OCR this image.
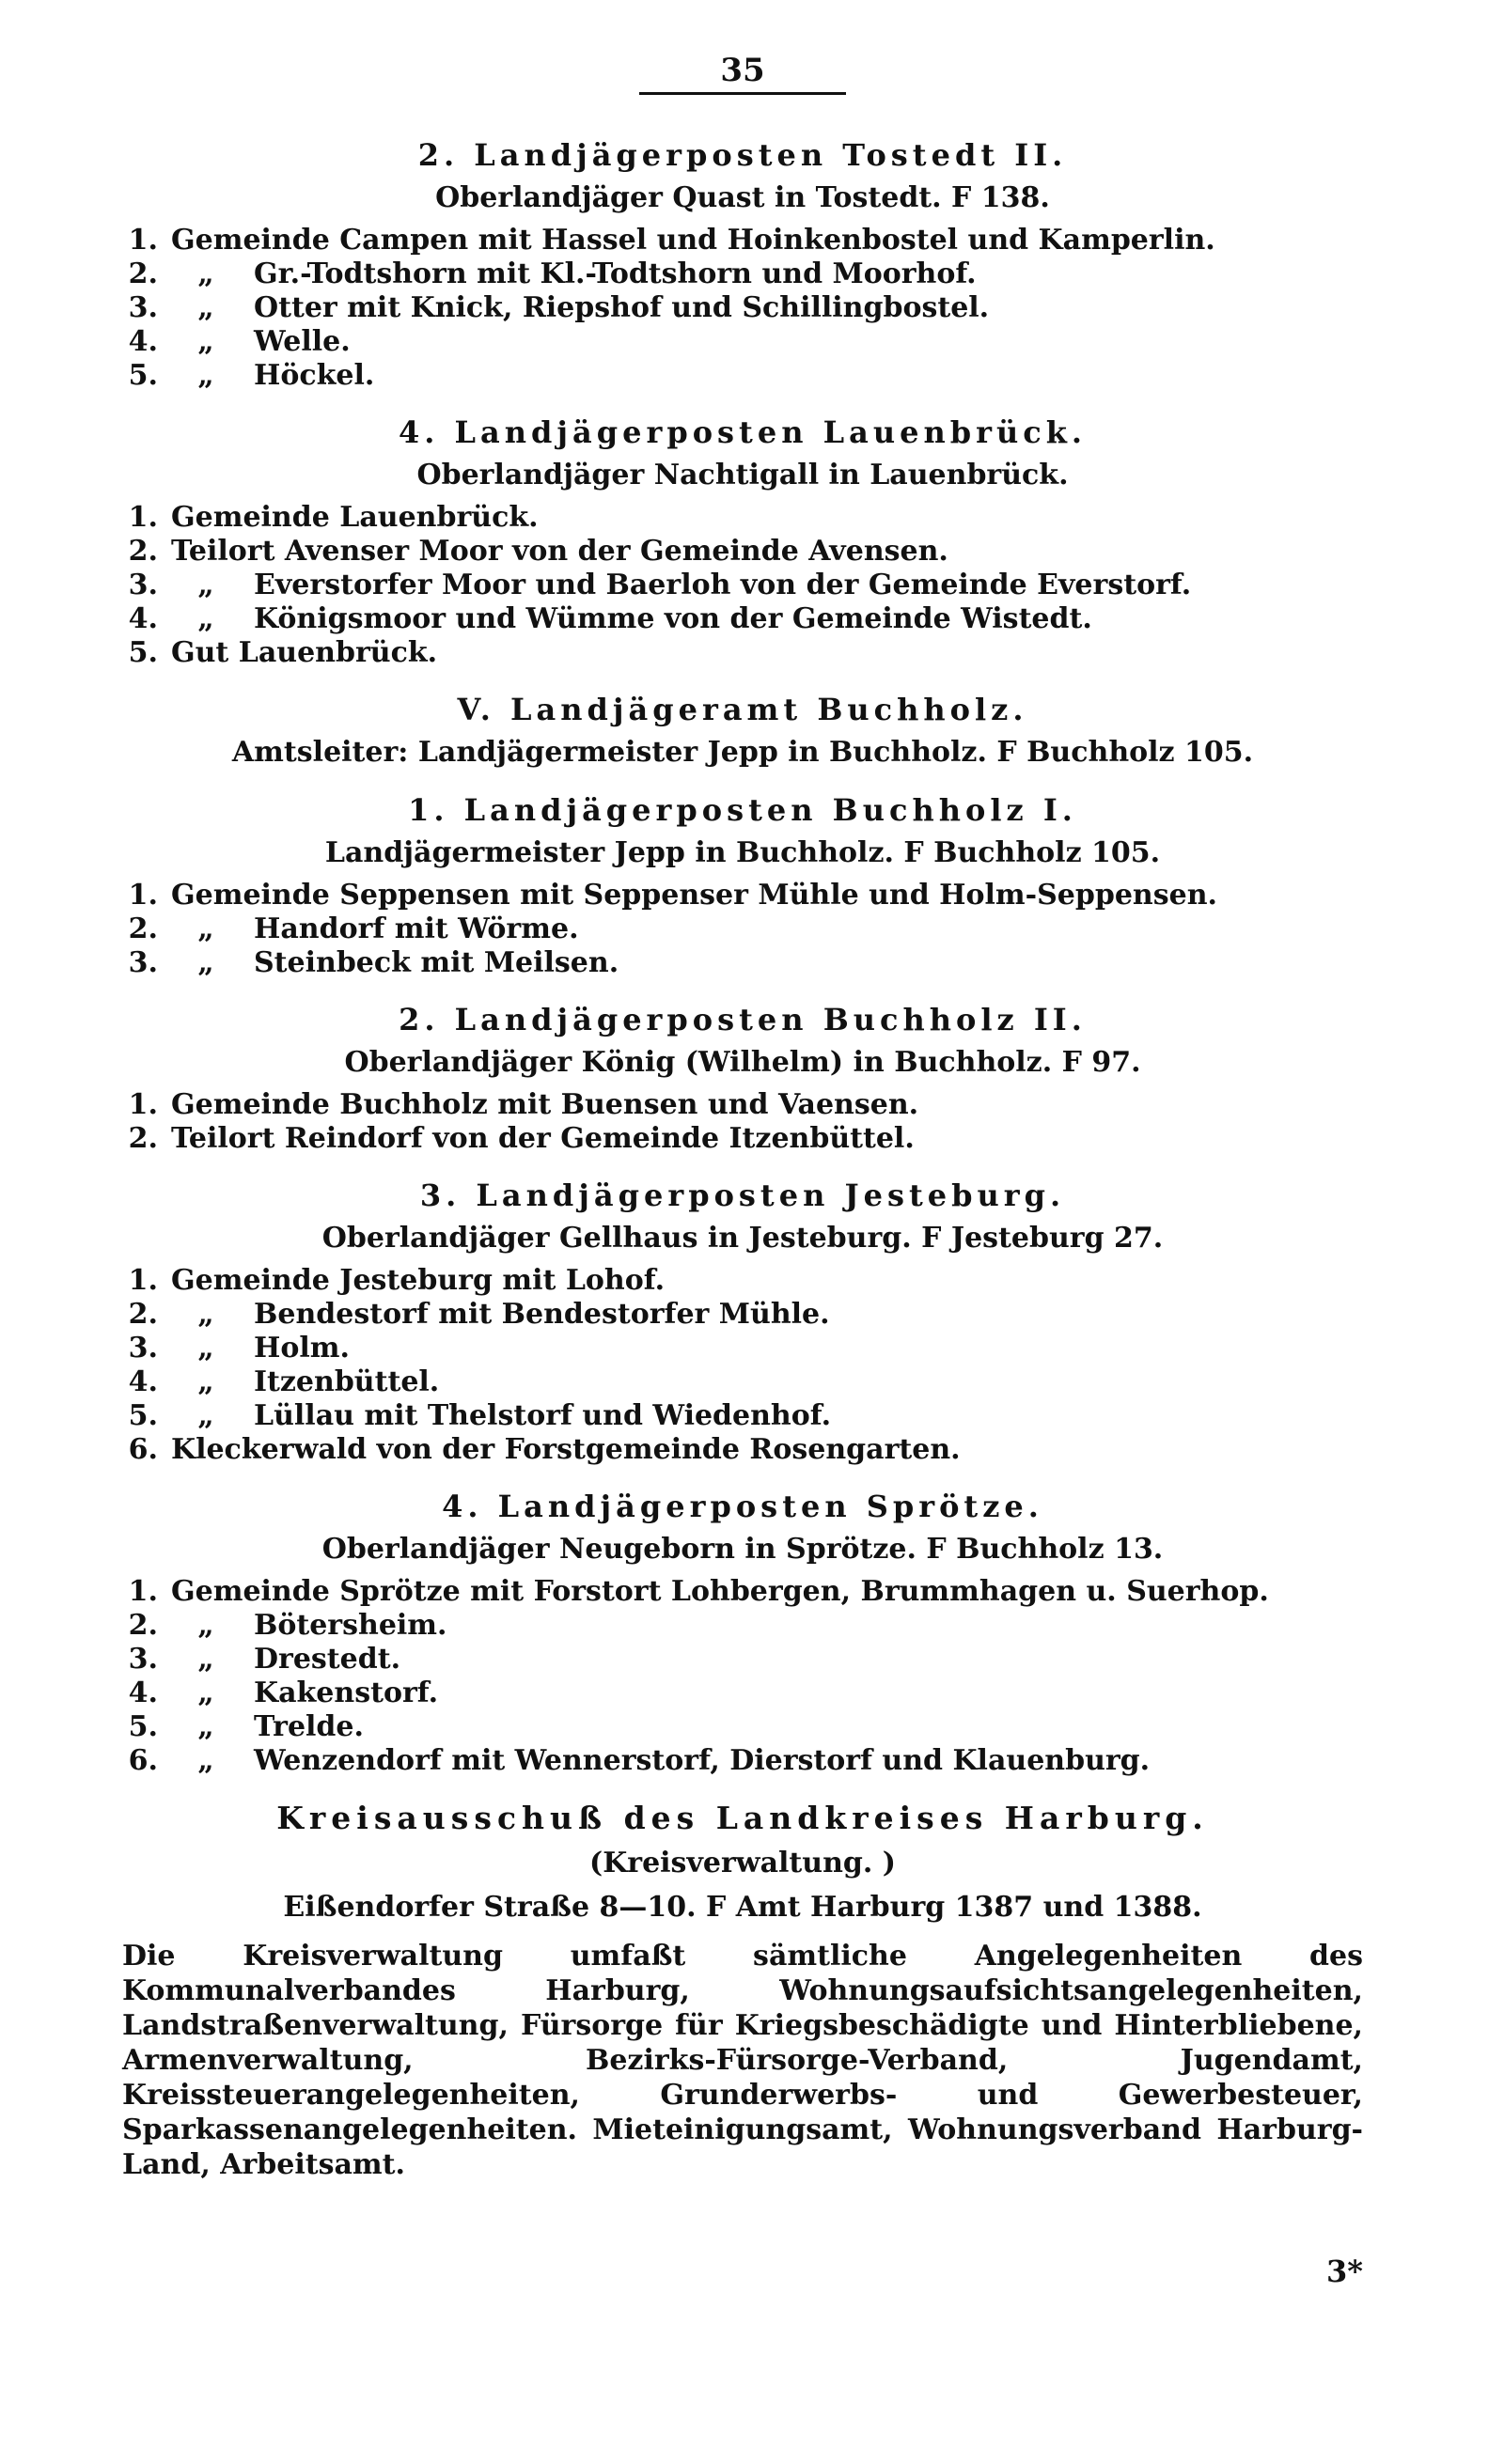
35
2. Landjägerposten Tostedt II.
Oberlandjäger Quast in Tostedt. F 138.
1. Gemeinde Campen mit Hassel und Hoinkenbostel und Kamperlin.
2.	„	Gr.-Todtshorn mit Kl.-Todtshorn und Moorhof.
3.	„	Otter mit Knick, Riepshof und Schillingbostel.
4.	„	Welle.
5.	„	Höckel.
4. Landjägerposten Lauenbrück.
Oberlandjäger Nachtigall in Lauenbrück.
1. Gemeinde Lauenbrück.
2. Teilort Avenser Moor von der Gemeinde Avensen.
3.	„	Everstorfer Moor und Baerloh von der Gemeinde Everstorf.
4.	„	Königsmoor und Wümme von der Gemeinde Wistedt.
5. Gut Lauenbrück.
V. Landjägeramt Buchholz.
Amtsleiter: Landjägermeister Jepp in Buchholz. F Buchholz 105.
1. Landjägerposten Buchholz I.
Landjägermeister Jepp in Buchholz. F Buchholz 105.
1. Gemeinde Seppensen mit Seppenser Mühle und Holm-Seppensen.
2.	„	Handorf mit Wörme.
3.	„	Steinbeck mit Meilsen.
2. Landjägerposten Buchholz II.
Oberlandjäger König (Wilhelm) in Buchholz. F 97.
1. Gemeinde Buchholz mit Buensen und Vaensen.
2. Teilort Reindorf von der Gemeinde Itzenbüttel.
3. Landjägerposten Jesteburg.
Oberlandjäger Gellhaus in Jesteburg. F Jesteburg 27.
1. Gemeinde Jesteburg mit Lohof.
2.	„	Bendestorf mit Bendestorfer Mühle.
3.	„	Holm.
4.	„	Itzenbüttel.
5.	„	Lüllau mit Thelstorf und Wiedenhof.
6. Kleckerwald von der Forstgemeinde Rosengarten.
4. Landjägerposten Sprötze.
Oberlandjäger Neugeborn in Sprötze. F Buchholz 13.
1. Gemeinde Sprötze mit Forstort Lohbergen, Brummhagen u. Suerhop.
2.	„	Bötersheim.
3.	„	Drestedt.
4.	„	Kakenstorf.
5.	„	Trelde.
6.	„	Wenzendorf mit Wennerstorf, Dierstorf und Klauenburg.
Kreisausschuß des Landkreises Harburg.
(Kreisverwaltung. )
Eißendorfer Straße 8—10. F Amt Harburg 1387 und 1388.

Die Kreisverwaltung umfaßt sämtliche Angelegenheiten des Kommunalverbandes Harburg, Wohnungsaufsichtsangelegenheiten, Landstraßenverwaltung, Fürsorge für Kriegsbeschädigte und Hinterbliebene, Armenverwaltung, Bezirks-Fürsorge-Verband, Jugendamt, Kreissteuerangelegenheiten, Grunderwerbs- und Gewerbesteuer, Sparkassenangelegenheiten. Mieteinigungsamt, Wohnungsverband Harburg-Land, Arbeitsamt.

3*
